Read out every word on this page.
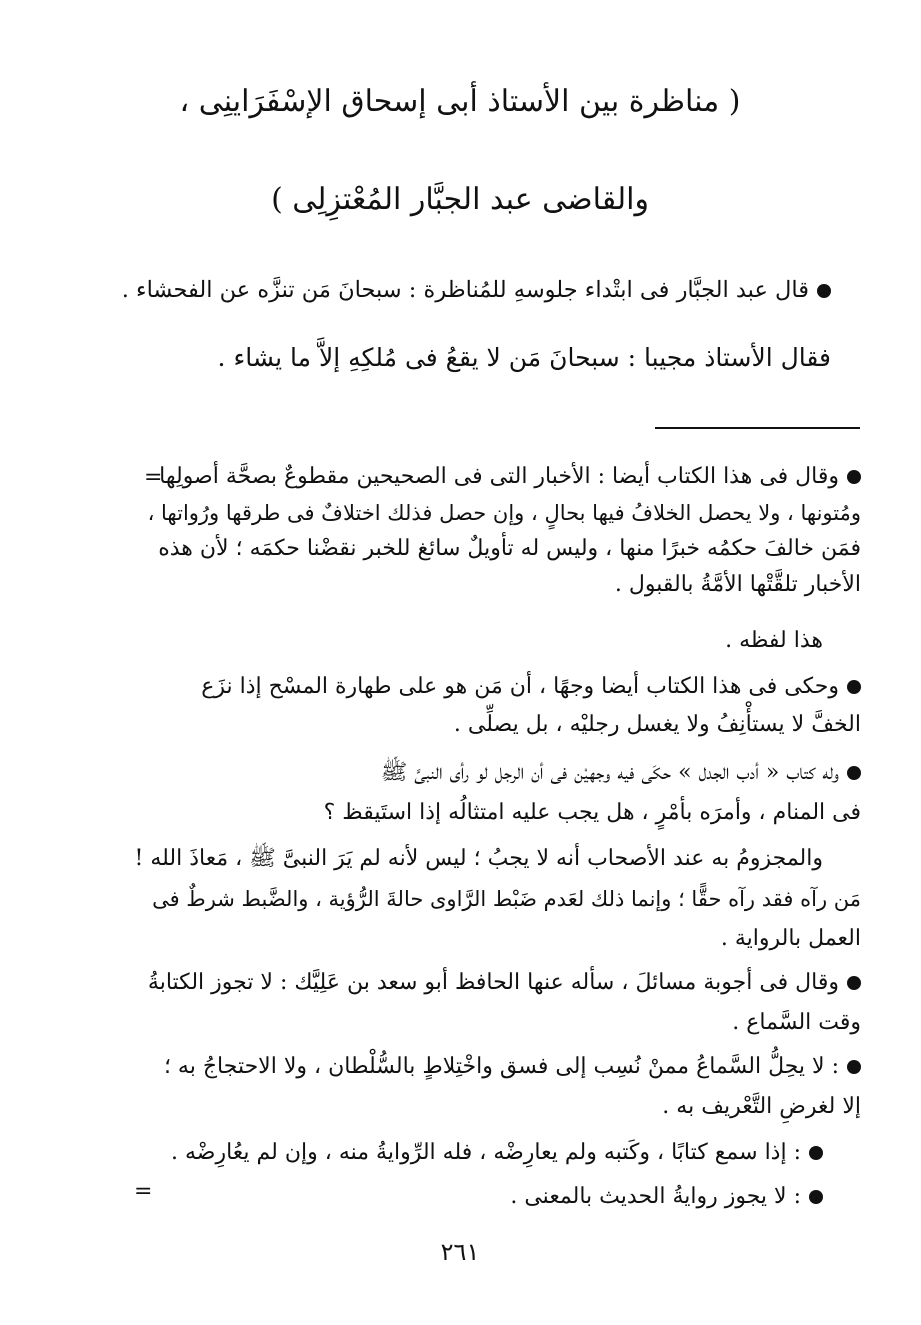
( مناظرة بين الأستاذ أبى إسحاق الإسْفَرَاينِى ،
والقاضى عبد الجبَّار المُعْتزِلِى )
قال عبد الجبَّار فى ابتْداء جلوسهِ للمُناظرة : سبحانَ مَن تنزَّه عن الفحشاء .
فقال الأستاذ مجيبا : سبحانَ مَن لا يقعُ فى مُلكِهِ إلاَّ ما يشاء .
وقال فى هذا الكتاب أيضا : الأخبار التى فى الصحيحين مقطوعٌ بصحَّة أصولِها
=
ومُتونها ، ولا يحصل الخلافُ فيها بحالٍ ، وإن حصل فذلك اختلافٌ فى طرقها ورُواتها ،
فمَن خالفَ حكمُه خبرًا منها ، وليس له تأويلٌ سائغ للخبر نقضْنا حكمَه ؛ لأن هذه
الأخبار تلقَّتْها الأمَّةُ بالقبول .
هذا لفظه .
وحكى فى هذا الكتاب أيضا وجهًا ، أن مَن هو على طهارة المسْح إذا نزَع
الخفَّ لا يستأْنِفُ ولا يغسل رجليْه ، بل يصلِّى .
وله كتاب « أدب الجدل » حكَى فيه وجهيْن فى أن الرجل لو رأى النبىَّ ﷺ
فى المنام ، وأمرَه بأمْرٍ ، هل يجب عليه امتثالُه إذا استَيقظ ؟
والمجزومُ به عند الأصحاب أنه لا يجبُ ؛ ليس لأنه لم يَرَ النبىَّ ﷺ ، مَعاذَ الله !
مَن رآه فقد رآه حقًّا ؛ وإنما ذلك لعَدم ضَبْط الرَّاوى حالةَ الرُّؤية ، والضَّبط شرطٌ فى
العمل بالرواية .
وقال فى أجوبة مسائلَ ، سأله عنها الحافظ أبو سعد بن عَلِيَّك : لا تجوز الكتابةُ
وقت السَّماع .
: لا يحِلُّ السَّماعُ ممنْ نُسِب إلى فسق واخْتِلاطٍ بالسُّلْطان ، ولا الاحتجاجُ به ؛
إلا لغرضِ التَّعْريف به .
: إذا سمع كتابًا ، وكَتبه ولم يعارِضْه ، فله الرِّوايةُ منه ، وإن لم يعُارِضْه .
: لا يجوز روايةُ الحديث بالمعنى .
=
٢٦١
